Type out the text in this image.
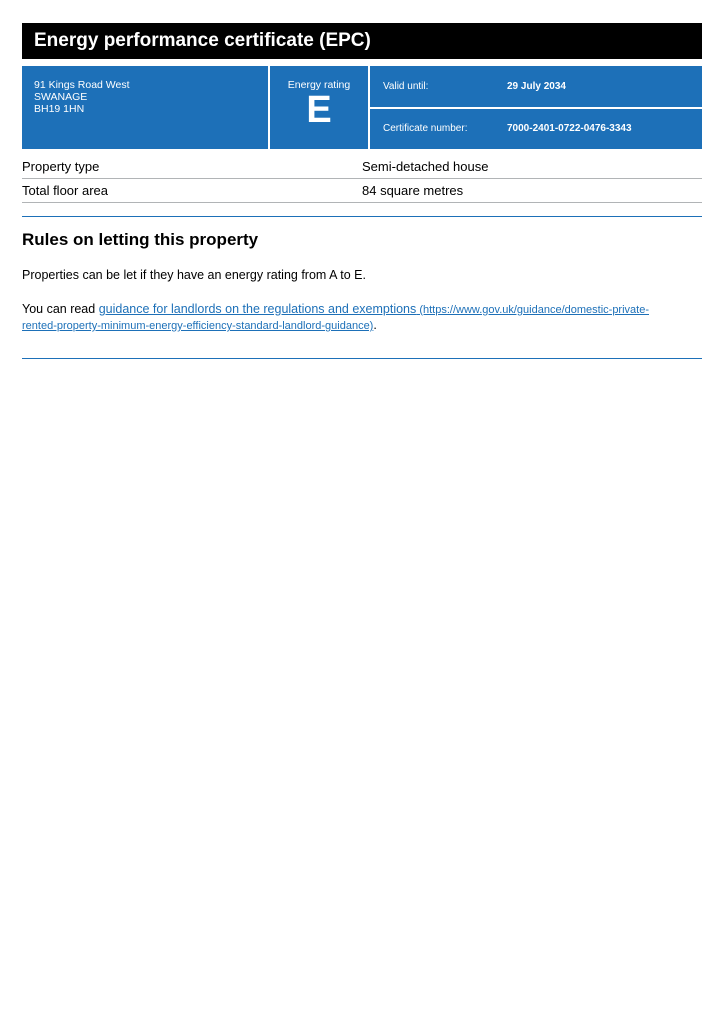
Energy performance certificate (EPC)
91 Kings Road West
SWANAGE
BH19 1HN
Energy rating
E
Valid until:	29 July 2034
Certificate number:	7000-2401-0722-0476-3343
Property type	Semi-detached house
Total floor area	84 square metres
Rules on letting this property

Properties can be let if they have an energy rating from A to E.

You can read guidance for landlords on the regulations and exemptions (https://www.gov.uk/guidance/domestic-private-
rented-property-minimum-energy-efficiency-standard-landlord-guidance).
